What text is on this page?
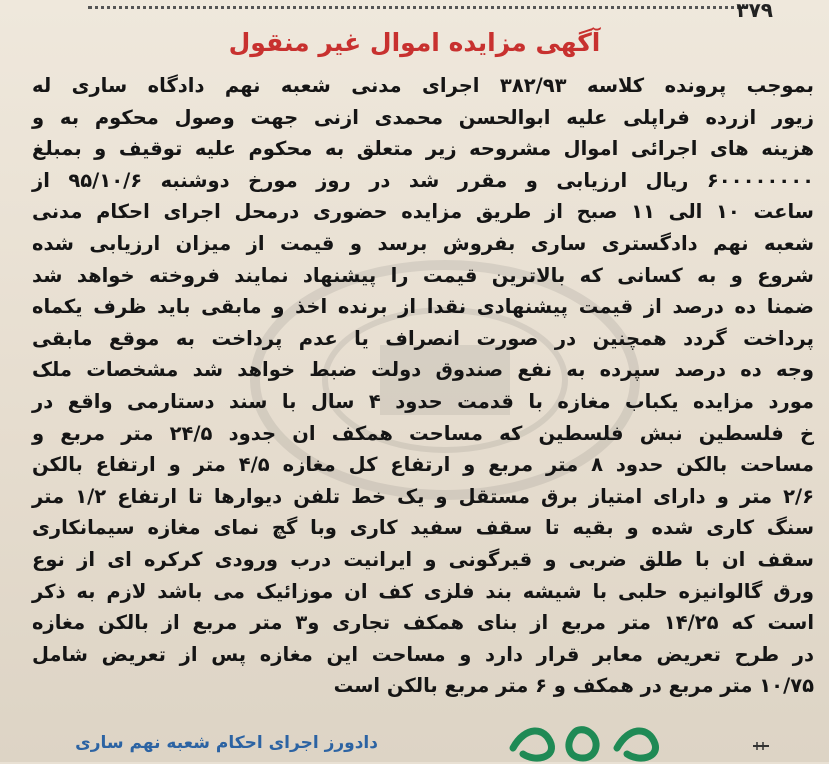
۳۷۹
آگهی مزایده اموال غیر منقول
بموجب پرونده کلاسه ۳۸۲/۹۳ اجرای مدنی شعبه نهم دادگاه ساری له
زیور ازرده فراپلی علیه ابوالحسن محمدی ازنی جهت وصول محکوم به و
هزینه های اجرائی اموال مشروحه زیر متعلق به محکوم علیه توقیف و بمبلغ
۶۰۰۰۰۰۰۰۰ ریال ارزیابی و مقرر شد در روز مورخ دوشنبه ۹۵/۱۰/۶ از
ساعت ۱۰ الی ۱۱ صبح از طریق مزایده حضوری درمحل اجرای احکام مدنی
شعبه نهم دادگستری ساری بفروش برسد و قیمت از میزان ارزیابی شده
شروع و به کسانی که بالاترین قیمت را پیشنهاد نمایند فروخته خواهد شد
ضمنا ده درصد از قیمت پیشنهادی نقدا از برنده اخذ و مابقی باید ظرف یکماه
پرداخت گردد همچنین در صورت انصراف یا عدم پرداخت به موقع مابقی
وجه ده درصد سپرده به نفع صندوق دولت ضبط خواهد شد مشخصات ملک
مورد مزایده یکباب مغازه با قدمت حدود ۴ سال با سند دستارمی واقع در
خ فلسطین نبش فلسطین که مساحت همکف ان جدود ۲۴/۵ متر مربع و
مساحت بالکن حدود ۸ متر مربع و ارتفاع کل مغازه ۴/۵ متر و ارتفاع بالکن
۲/۶ متر و دارای امتیاز برق مستقل و یک خط تلفن دیوارها تا ارتفاع ۱/۲ متر
سنگ کاری شده و بقیه تا سقف سفید کاری وبا گچ نمای مغازه سیمانکاری
سقف ان با طلق ضربی و قیرگونی و ایرانیت درب ورودی کرکره ای از نوع
ورق گالوانیزه حلبی با شیشه بند فلزی کف ان موزائیک می باشد لازم به ذکر
است که ۱۴/۲۵ متر مربع از بنای همکف تجاری و۳ متر مربع از بالکن مغازه
در طرح تعریض معابر قرار دارد و مساحت این مغازه پس از تعریض شامل
۱۰/۷۵ متر مربع در همکف و ۶ متر مربع بالکن است
دادورز اجرای احکام شعبه نهم ساری
